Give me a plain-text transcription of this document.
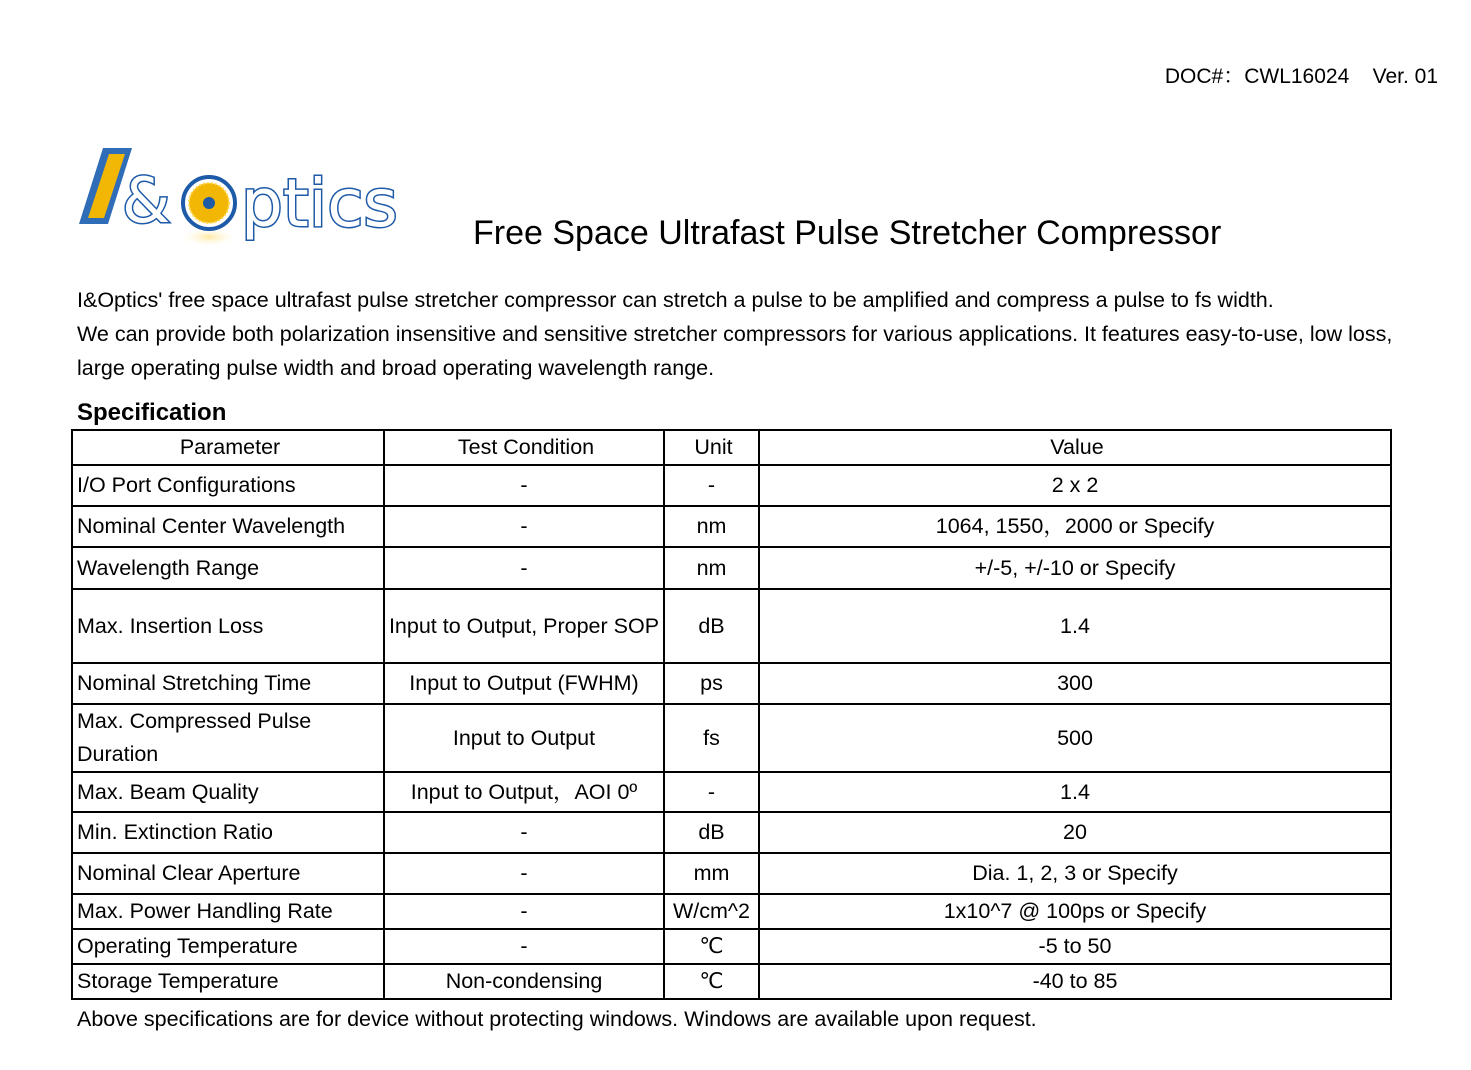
DOC#：CWL16024    Ver. 01
& ptics Free Space Ultrafast Pulse Stretcher Compressor

I&Optics' free space ultrafast pulse stretcher compressor can stretch a pulse to be amplified and compress a pulse to fs width.

We can provide both polarization insensitive and sensitive stretcher compressors for various applications. It features easy-to-use, low loss, large operating pulse width and broad operating wavelength range.

Specification
Parameter	Test Condition	Unit	Value
I/O Port Configurations	-	-	2 x 2
Nominal Center Wavelength	-	nm	1064, 1550，2000 or Specify
Wavelength Range	-	nm	+/-5, +/-10 or Specify
Max. Insertion Loss	Input to Output, Proper SOP	dB	1.4
Nominal Stretching Time	Input to Output (FWHM)	ps	300
Max. Compressed Pulse Duration	Input to Output	fs	500
Max. Beam Quality	Input to Output，AOI 0º	-	1.4
Min. Extinction Ratio	-	dB	20
Nominal Clear Aperture	-	mm	Dia. 1, 2, 3 or Specify
Max. Power Handling Rate	-	W/cm^2	1x10^7 @ 100ps or Specify
Operating Temperature	-	℃	-5 to 50
Storage Temperature	Non-condensing	℃	-40 to 85
Above specifications are for device without protecting windows. Windows are available upon request.
